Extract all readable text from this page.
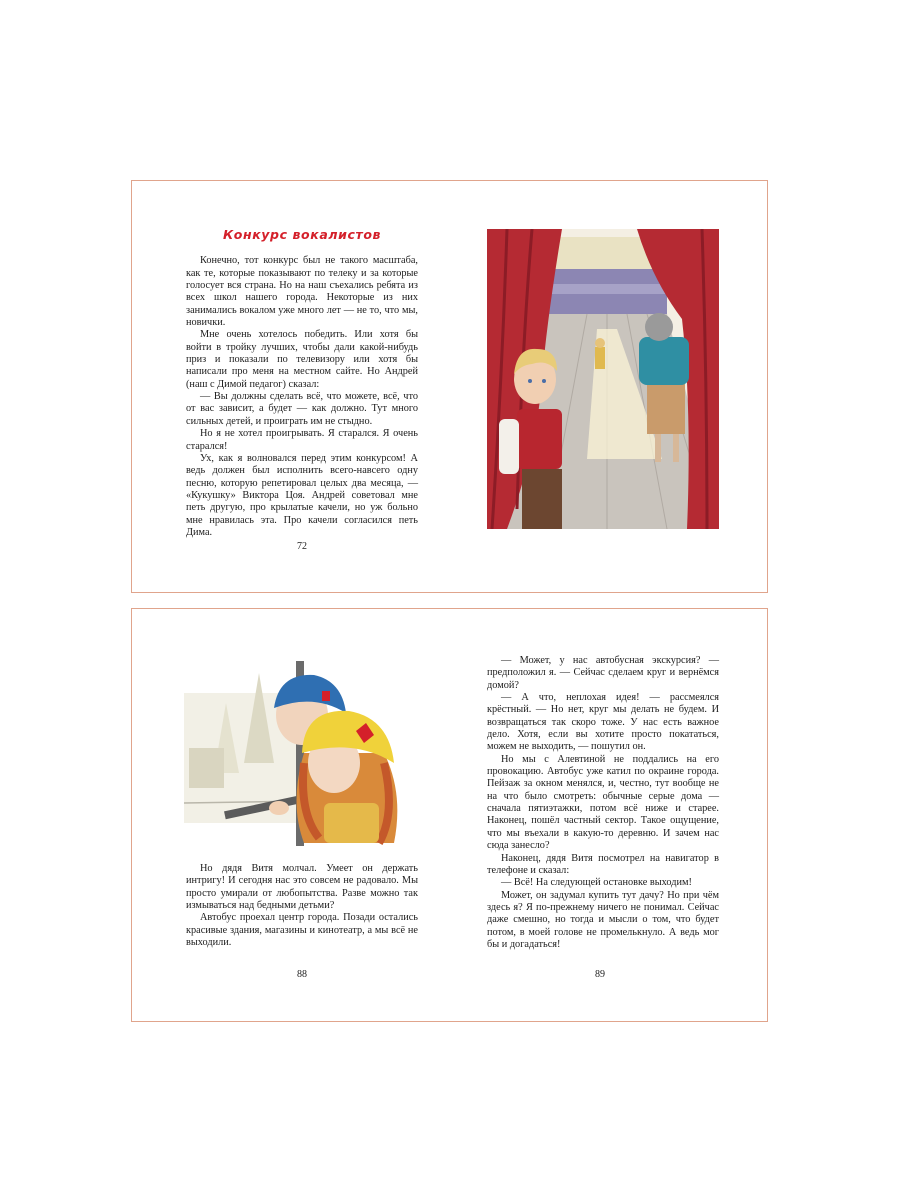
Конкурс вокалистов

Конечно, тот конкурс был не такого масштаба, как те, которые показывают по телеку и за которые голосует вся страна. Но на наш съехались ребята из всех школ нашего города. Некоторые из них занимались вокалом уже много лет — не то, что мы, новички.

Мне очень хотелось победить. Или хотя бы войти в тройку лучших, чтобы дали какой-нибудь приз и показали по телевизору или хотя бы написали про меня на местном сайте. Но Андрей (наш с Димой педагог) сказал:

— Вы должны сделать всё, что можете, всё, что от вас зависит, а будет — как должно. Тут много сильных детей, и проиграть им не стыдно.

Но я не хотел проигрывать. Я старался. Я очень старался!

Ух, как я волновался перед этим конкурсом! А ведь должен был исполнить всего-навсего одну песню, которую репетировал целых два месяца, — «Кукушку» Виктора Цоя. Андрей советовал мне петь другую, про крылатые качели, но уж больно мне нравилась эта. Про качели согласился петь Дима.

72

Но дядя Витя молчал. Умеет он держать интригу! И сегодня нас это совсем не радовало. Мы просто умирали от любопытства. Разве можно так измываться над бедными детьми?

Автобус проехал центр города. Позади остались красивые здания, магазины и кинотеатр, а мы всё не выходили.

88

— Может, у нас автобусная экскурсия? — предположил я. — Сейчас сделаем круг и вернёмся домой?

— А что, неплохая идея! — рассмеялся крёстный. — Но нет, круг мы делать не будем. И возвращаться так скоро тоже. У нас есть важное дело. Хотя, если вы хотите просто покататься, можем не выходить, — пошутил он.

Но мы с Алевтиной не поддались на его провокацию. Автобус уже катил по окраине города. Пейзаж за окном менялся, и, честно, тут вообще не на что было смотреть: обычные серые дома — сначала пятиэтажки, потом всё ниже и старее. Наконец, пошёл частный сектор. Такое ощущение, что мы въехали в какую-то деревню. И зачем нас сюда занесло?

Наконец, дядя Витя посмотрел на навигатор в телефоне и сказал:

— Всё! На следующей остановке выходим!

Может, он задумал купить тут дачу? Но при чём здесь я? Я по-прежнему ничего не понимал. Сейчас даже смешно, но тогда и мысли о том, что будет потом, в моей голове не промелькнуло. А ведь мог бы и догадаться!

89
